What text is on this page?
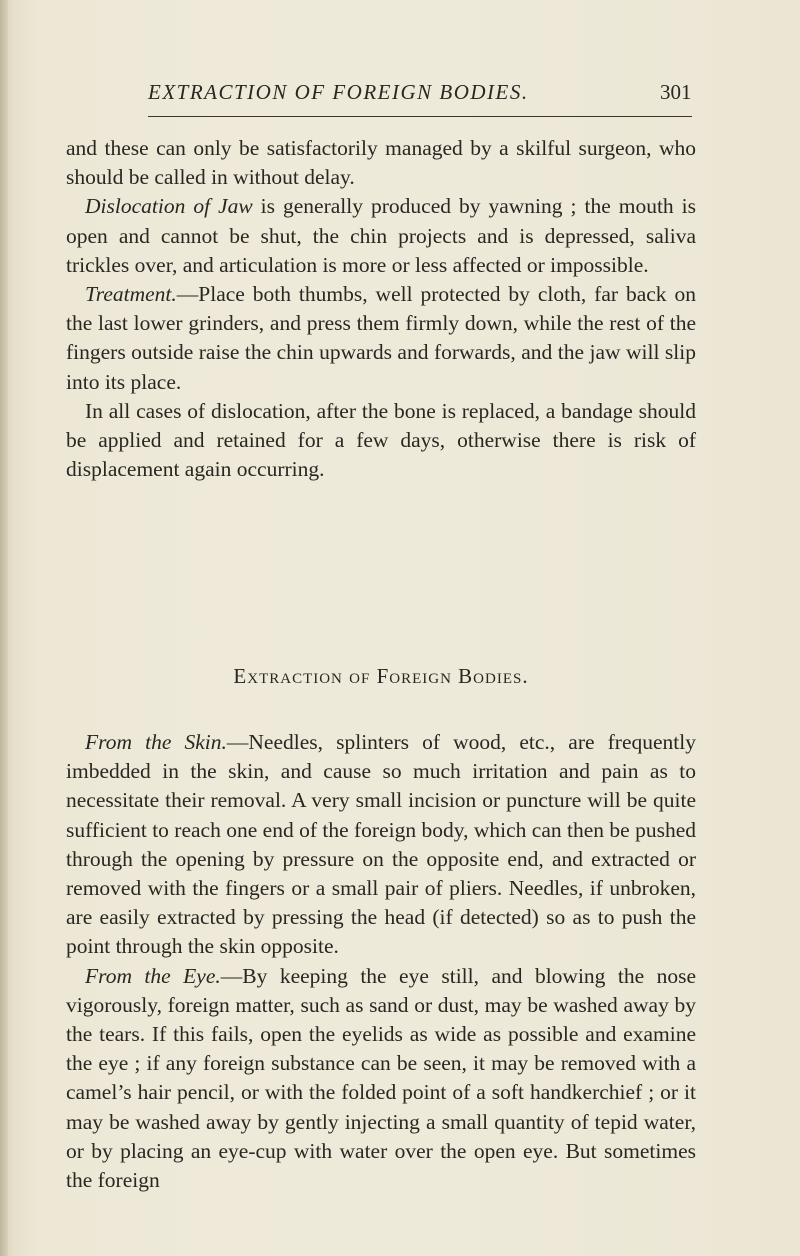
EXTRACTION OF FOREIGN BODIES.	301

and these can only be satisfactorily managed by a skilful surgeon, who should be called in without delay.

Dislocation of Jaw is generally produced by yawning ; the mouth is open and cannot be shut, the chin projects and is depressed, saliva trickles over, and articulation is more or less affected or impossible.

Treatment.—Place both thumbs, well protected by cloth, far back on the last lower grinders, and press them firmly down, while the rest of the fingers outside raise the chin upwards and forwards, and the jaw will slip into its place.

In all cases of dislocation, after the bone is replaced, a bandage should be applied and retained for a few days, otherwise there is risk of displacement again occurring.

Extraction of Foreign Bodies.

From the Skin.—Needles, splinters of wood, etc., are frequently imbedded in the skin, and cause so much irritation and pain as to necessitate their removal. A very small incision or puncture will be quite sufficient to reach one end of the foreign body, which can then be pushed through the opening by pressure on the opposite end, and extracted or removed with the fingers or a small pair of pliers. Needles, if unbroken, are easily extracted by pressing the head (if detected) so as to push the point through the skin opposite.

From the Eye.—By keeping the eye still, and blowing the nose vigorously, foreign matter, such as sand or dust, may be washed away by the tears. If this fails, open the eyelids as wide as possible and examine the eye ; if any foreign substance can be seen, it may be removed with a camel’s hair pencil, or with the folded point of a soft handkerchief ; or it may be washed away by gently injecting a small quantity of tepid water, or by placing an eye-cup with water over the open eye. But sometimes the foreign
